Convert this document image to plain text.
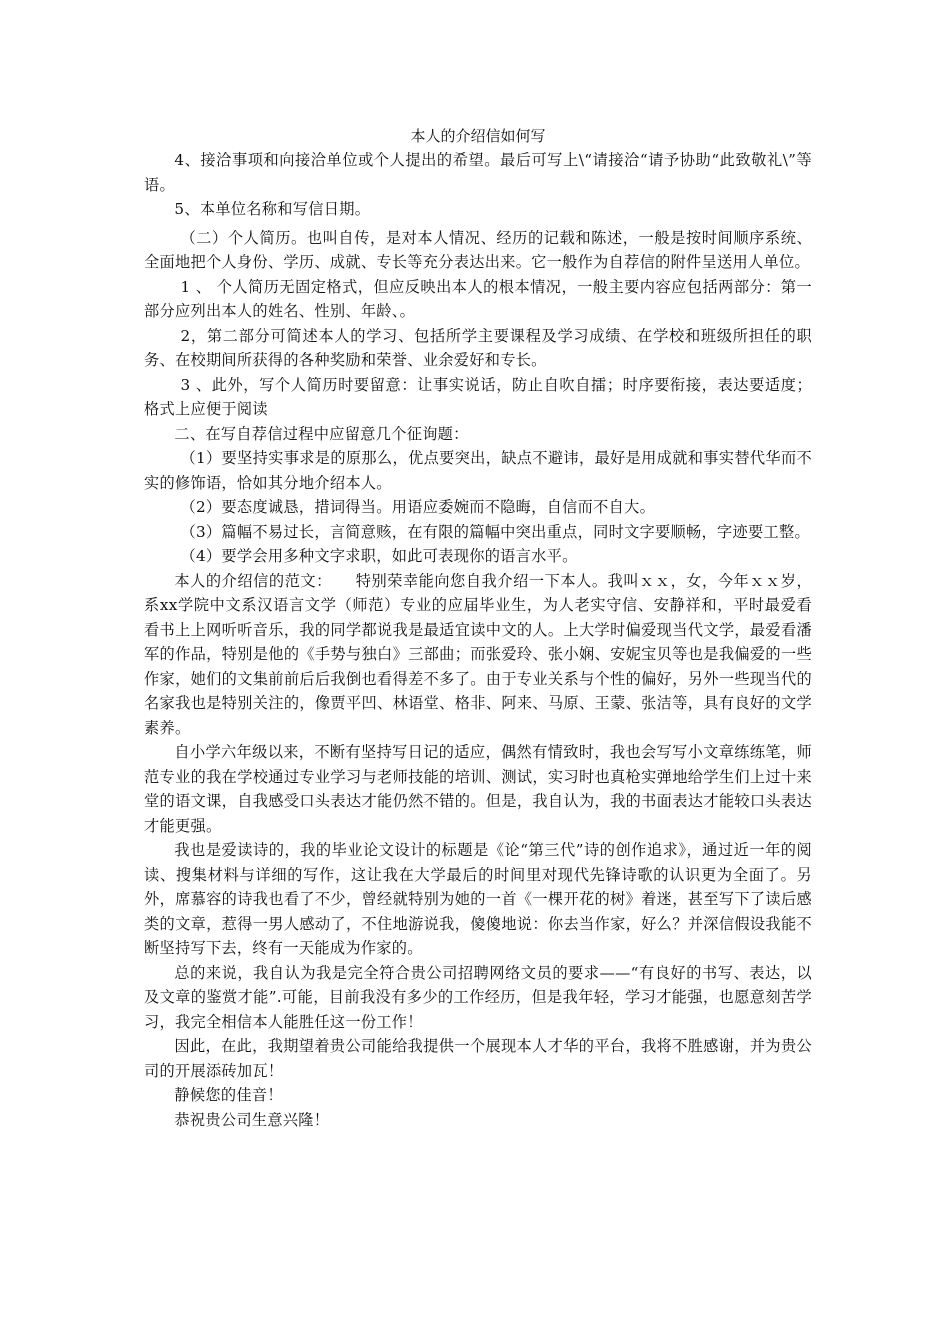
本人的介绍信如何写

4、接洽事项和向接洽单位或个人提出的希望。最后可写上\“请接洽“请予协助“此致敬礼\”等语。

5、本单位名称和写信日期。

（二）个人简历。也叫自传，是对本人情况、经历的记载和陈述，一般是按时间顺序系统、全面地把个人身份、学历、成就、专长等充分表达出来。它一般作为自荐信的附件呈送用人单位。

1 、 个人简历无固定格式，但应反映出本人的根本情况，一般主要内容应包括两部分：第一部分应列出本人的姓名、性别、年龄、。

2，第二部分可简述本人的学习、包括所学主要课程及学习成绩、在学校和班级所担任的职务、在校期间所获得的各种奖励和荣誉、业余爱好和专长。

3 、此外，写个人简历时要留意：让事实说话，防止自吹自擂；时序要衔接，表达要适度；格式上应便于阅读

二、在写自荐信过程中应留意几个征询题：

（1）要坚持实事求是的原那么，优点要突出，缺点不避讳，最好是用成就和事实替代华而不实的修饰语，恰如其分地介绍本人。

（2）要态度诚恳，措词得当。用语应委婉而不隐晦，自信而不自大。

（3）篇幅不易过长，言简意赅，在有限的篇幅中突出重点，同时文字要顺畅，字迹要工整。

（4）要学会用多种文字求职，如此可表现你的语言水平。

本人的介绍信的范文：　　特别荣幸能向您自我介绍一下本人。我叫ｘｘ，女，今年ｘｘ岁，系xx学院中文系汉语言文学（师范）专业的应届毕业生，为人老实守信、安静祥和，平时最爱看看书上上网听听音乐，我的同学都说我是最适宜读中文的人。上大学时偏爱现当代文学，最爱看潘军的作品，特别是他的《手势与独白》三部曲；而张爱玲、张小娴、安妮宝贝等也是我偏爱的一些作家，她们的文集前前后后我倒也看得差不多了。由于专业关系与个性的偏好，另外一些现当代的名家我也是特别关注的，像贾平凹、林语堂、格非、阿来、马原、王蒙、张洁等，具有良好的文学素养。

自小学六年级以来，不断有坚持写日记的适应，偶然有情致时，我也会写写小文章练练笔，师范专业的我在学校通过专业学习与老师技能的培训、测试，实习时也真枪实弹地给学生们上过十来堂的语文课，自我感受口头表达才能仍然不错的。但是，我自认为，我的书面表达才能较口头表达才能更强。

我也是爱读诗的，我的毕业论文设计的标题是《论“第三代”诗的创作追求》，通过近一年的阅读、搜集材料与详细的写作，这让我在大学最后的时间里对现代先锋诗歌的认识更为全面了。另外，席慕容的诗我也看了不少，曾经就特别为她的一首《一棵开花的树》着迷，甚至写下了读后感类的文章，惹得一男人感动了，不住地游说我，傻傻地说：你去当作家，好么？并深信假设我能不断坚持写下去，终有一天能成为作家的。

总的来说，我自认为我是完全符合贵公司招聘网络文员的要求——“有良好的书写、表达，以及文章的鉴赏才能”.可能，目前我没有多少的工作经历，但是我年轻，学习才能强，也愿意刻苦学习，我完全相信本人能胜任这一份工作！

因此，在此，我期望着贵公司能给我提供一个展现本人才华的平台，我将不胜感谢，并为贵公司的开展添砖加瓦！

静候您的佳音！

恭祝贵公司生意兴隆！
